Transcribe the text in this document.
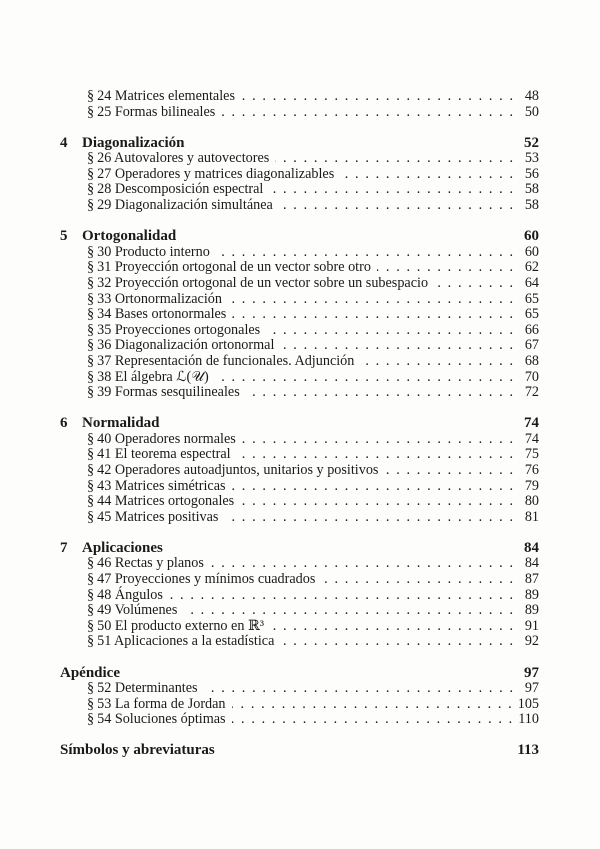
§ 24 Matrices elementales . . .	48
§ 25 Formas bilineales . . .	50
4 Diagonalización	52
§ 26 Autovalores y autovectores . . .	53
§ 27 Operadores y matrices diagonalizables . . .	56
§ 28 Descomposición espectral . . .	58
§ 29 Diagonalización simultánea . . .	58
5 Ortogonalidad	60
§ 30 Producto interno . . .	60
§ 31 Proyección ortogonal de un vector sobre otro . . .	62
§ 32 Proyección ortogonal de un vector sobre un subespacio . . .	64
§ 33 Ortonormalización . . .	65
§ 34 Bases ortonormales . . .	65
§ 35 Proyecciones ortogonales . . .	66
§ 36 Diagonalización ortonormal . . .	67
§ 37 Representación de funcionales. Adjunción . . .	68
§ 38 El álgebra ℒ(𝒰) . . .	70
§ 39 Formas sesquilineales . . .	72
6 Normalidad	74
§ 40 Operadores normales . . .	74
§ 41 El teorema espectral . . .	75
§ 42 Operadores autoadjuntos, unitarios y positivos . . .	76
§ 43 Matrices simétricas . . .	79
§ 44 Matrices ortogonales . . .	80
§ 45 Matrices positivas . . .	81
7 Aplicaciones	84
§ 46 Rectas y planos . . .	84
§ 47 Proyecciones y mínimos cuadrados . . .	87
§ 48 Ángulos . . .	89
§ 49 Volúmenes . . .	89
§ 50 El producto externo en ℝ³ . . .	91
§ 51 Aplicaciones a la estadística . . .	92
Apéndice	97
§ 52 Determinantes . . .	97
§ 53 La forma de Jordan . . .	105
§ 54 Soluciones óptimas . . .	110
Símbolos y abreviaturas	113
